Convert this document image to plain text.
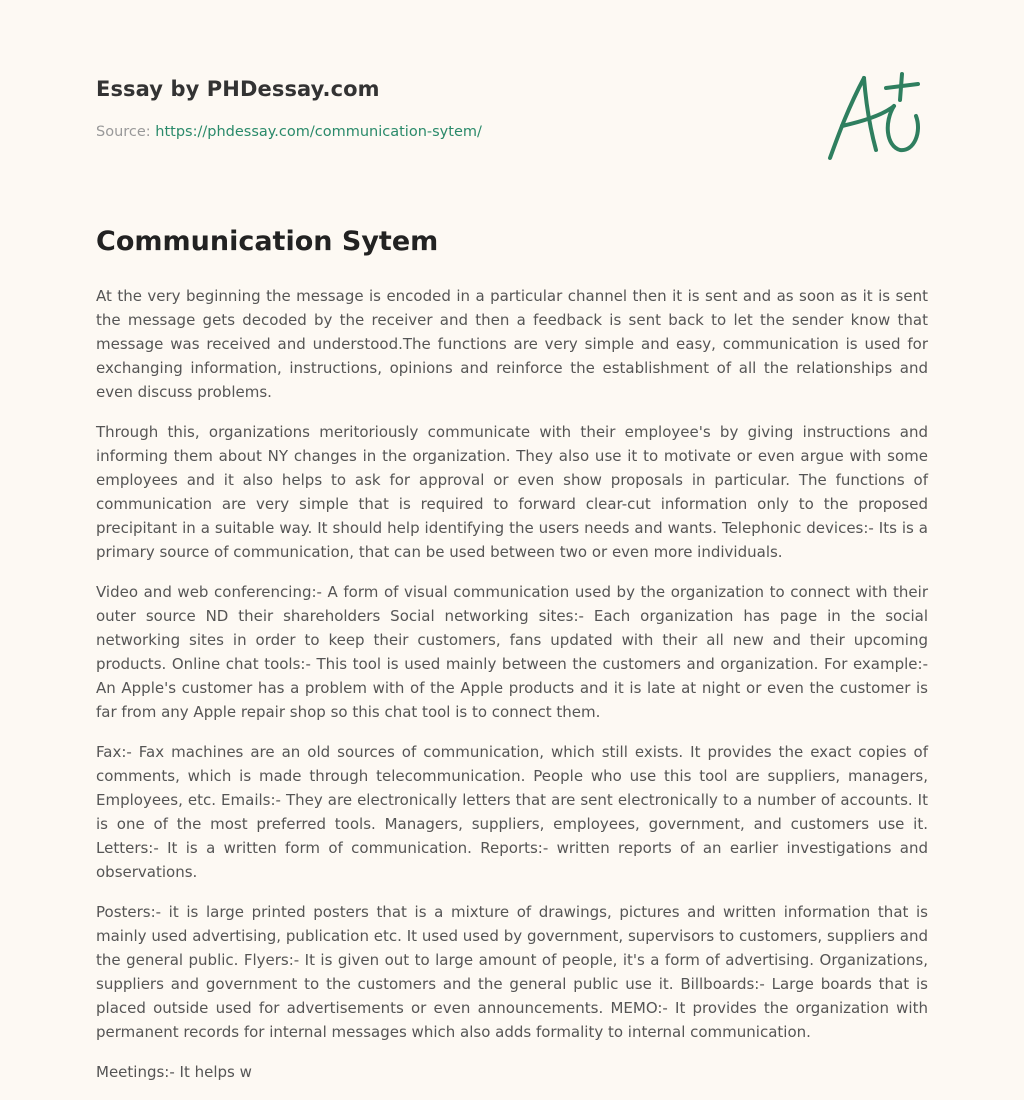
Essay by PHDessay.com
Source: https://phdessay.com/communication-sytem/
Communication Sytem

At the very beginning the message is encoded in a particular channel then it is sent and as soon as it is sent the message gets decoded by the receiver and then a feedback is sent back to let the sender know that message was received and understood.The functions are very simple and easy, communication is used for exchanging information, instructions, opinions and reinforce the establishment of all the relationships and even discuss problems.

Through this, organizations meritoriously communicate with their employee's by giving instructions and informing them about NY changes in the organization. They also use it to motivate or even argue with some employees and it also helps to ask for approval or even show proposals in particular. The functions of communication are very simple that is required to forward clear-cut information only to the proposed precipitant in a suitable way. It should help identifying the users needs and wants. Telephonic devices:- Its is a primary source of communication, that can be used between two or even more individuals.

Video and web conferencing:- A form of visual communication used by the organization to connect with their outer source ND their shareholders Social networking sites:- Each organization has page in the social networking sites in order to keep their customers, fans updated with their all new and their upcoming products. Online chat tools:- This tool is used mainly between the customers and organization. For example:- An Apple's customer has a problem with of the Apple products and it is late at night or even the customer is far from any Apple repair shop so this chat tool is to connect them.

Fax:- Fax machines are an old sources of communication, which still exists. It provides the exact copies of comments, which is made through telecommunication. People who use this tool are suppliers, managers, Employees, etc. Emails:- They are electronically letters that are sent electronically to a number of accounts. It is one of the most preferred tools. Managers, suppliers, employees, government, and customers use it. Letters:- It is a written form of communication. Reports:- written reports of an earlier investigations and observations.

Posters:- it is large printed posters that is a mixture of drawings, pictures and written information that is mainly used advertising, publication etc. It used used by government, supervisors to customers, suppliers and the general public. Flyers:- It is given out to large amount of people, it's a form of advertising. Organizations, suppliers and government to the customers and the general public use it. Billboards:- Large boards that is placed outside used for advertisements or even announcements. MEMO:- It provides the organization with permanent records for internal messages which also adds formality to internal communication.

Meetings:- It helps w
